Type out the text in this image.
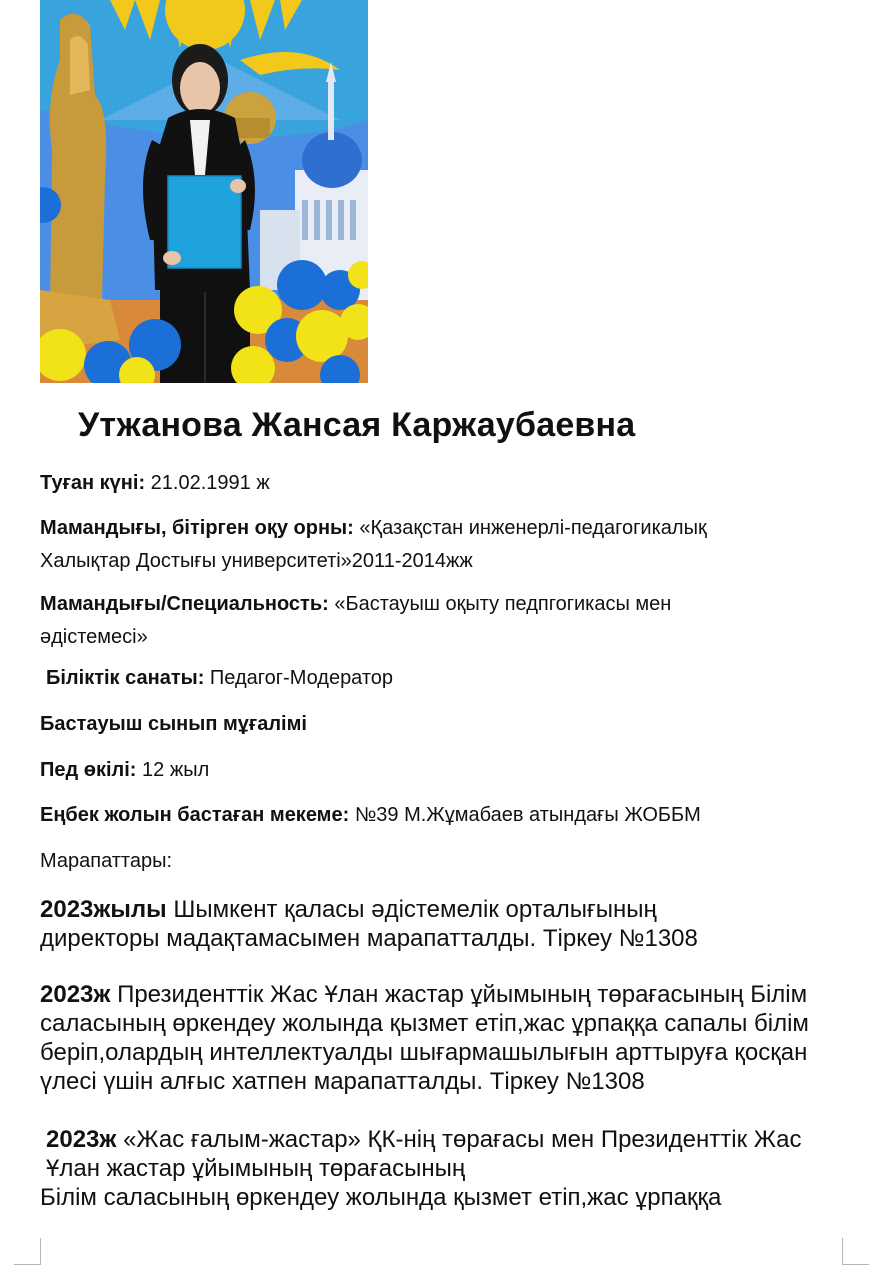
Утжанова Жансая Каржаубаевна
Туған күні: 21.02.1991 ж
Мамандығы, бітірген оқу орны: «Қазақстан инженерлі-педагогикалық Халықтар Достығы университеті»2011-2014жж
Мамандығы/Специальность: «Бастауыш оқыту педпгогикасы мен әдістемесі»
Біліктік санаты: Педагог-Модератор
Бастауыш сынып мұғалімі
Пед өкілі: 12 жыл
Еңбек жолын бастаған мекеме: №39 М.Жұмабаев атындағы ЖОББМ
Марапаттары:
2023жылы Шымкент қаласы әдістемелік орталығының директоры мадақтамасымен марапатталды. Тіркеу №1308
2023ж Президенттік Жас Ұлан жастар ұйымының төрағасының Білім саласының өркендеу жолында қызмет етіп,жас ұрпаққа сапалы білім беріп,олардың интеллектуалды шығармашылығын арттыруға қосқан үлесі үшін алғыс хатпен марапатталды. Тіркеу №1308
2023ж «Жас ғалым-жастар» ҚК-нің төрағасы мен Президенттік Жас Ұлан жастар ұйымының төрағасының
Білім саласының өркендеу жолында қызмет етіп,жас ұрпаққа
